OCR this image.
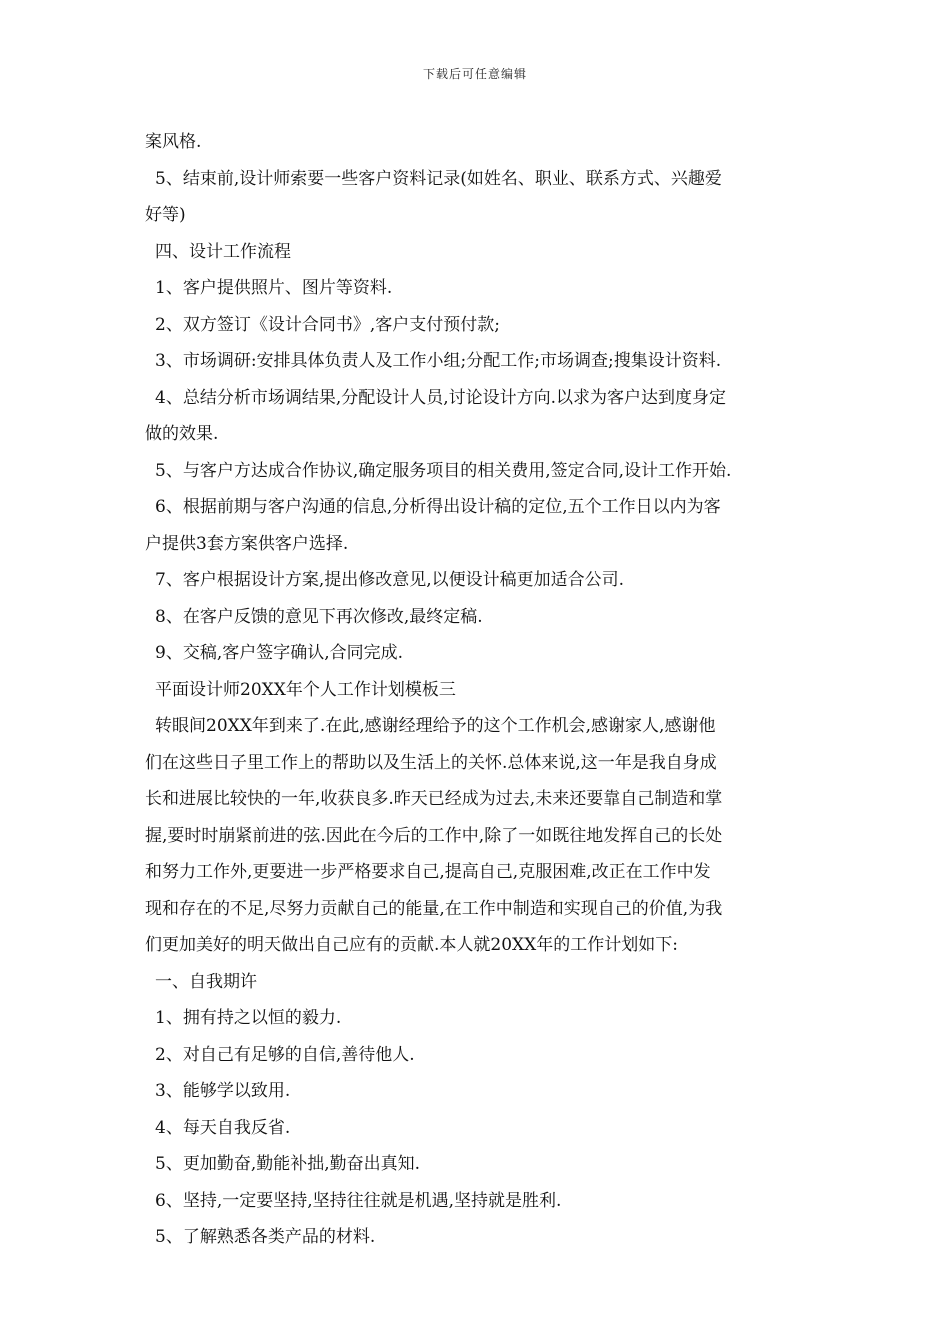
下载后可任意编辑
案风格.
5、结束前,设计师索要一些客户资料记录(如姓名、职业、联系方式、兴趣爱
好等)
四、设计工作流程
1、客户提供照片、图片等资料.
2、双方签订《设计合同书》,客户支付预付款;
3、市场调研:安排具体负责人及工作小组;分配工作;市场调查;搜集设计资料.
4、总结分析市场调结果,分配设计人员,讨论设计方向.以求为客户达到度身定
做的效果.
5、与客户方达成合作协议,确定服务项目的相关费用,签定合同,设计工作开始.
6、根据前期与客户沟通的信息,分析得出设计稿的定位,五个工作日以内为客
户提供3套方案供客户选择.
7、客户根据设计方案,提出修改意见,以便设计稿更加适合公司.
8、在客户反馈的意见下再次修改,最终定稿.
9、交稿,客户签字确认,合同完成.
平面设计师20XX年个人工作计划模板三
转眼间20XX年到来了.在此,感谢经理给予的这个工作机会,感谢家人,感谢他
们在这些日子里工作上的帮助以及生活上的关怀.总体来说,这一年是我自身成
长和进展比较快的一年,收获良多.昨天已经成为过去,未来还要靠自己制造和掌
握,要时时崩紧前进的弦.因此在今后的工作中,除了一如既往地发挥自己的长处
和努力工作外,更要进一步严格要求自己,提高自己,克服困难,改正在工作中发
现和存在的不足,尽努力贡献自己的能量,在工作中制造和实现自己的价值,为我
们更加美好的明天做出自己应有的贡献.本人就20XX年的工作计划如下:
一、自我期许
1、拥有持之以恒的毅力.
2、对自己有足够的自信,善待他人.
3、能够学以致用.
4、每天自我反省.
5、更加勤奋,勤能补拙,勤奋出真知.
6、坚持,一定要坚持,坚持往往就是机遇,坚持就是胜利.
5、了解熟悉各类产品的材料.
